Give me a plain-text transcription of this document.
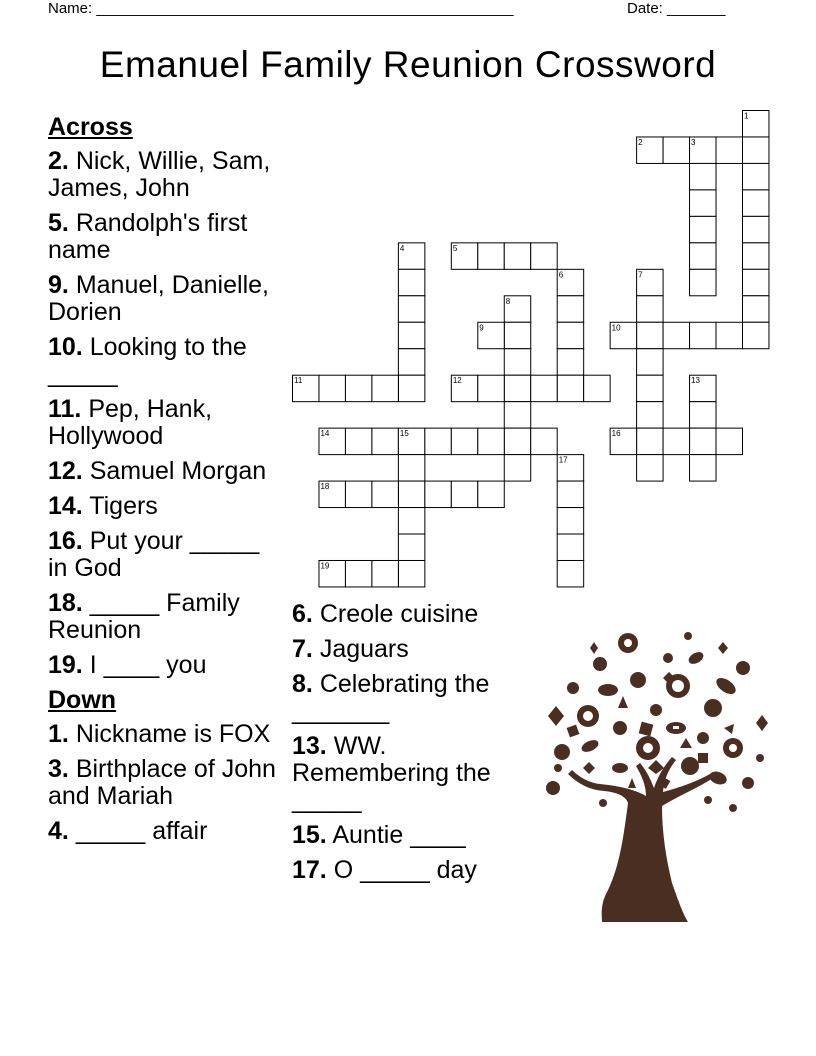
Name: __________________________________________________	Date: _______
Emanuel Family Reunion Crossword
Across
2. Nick, Willie, Sam, James, John
5. Randolph's first name
9. Manuel, Danielle, Dorien
10. Looking to the _____
11. Pep, Hank, Hollywood
12. Samuel Morgan
14. Tigers
16. Put your _____ in God
18. _____ Family Reunion
19. I ____ you
Down
1. Nickname is FOX
3. Birthplace of John and Mariah
4. _____ affair
6. Creole cuisine
7. Jaguars
8. Celebrating the _______
13. WW. Remembering the _____
15. Auntie ____
17. O _____ day
1
2	3
4	5
6	7
8
9	10
11	12	13
14	15	16
17
18
19
